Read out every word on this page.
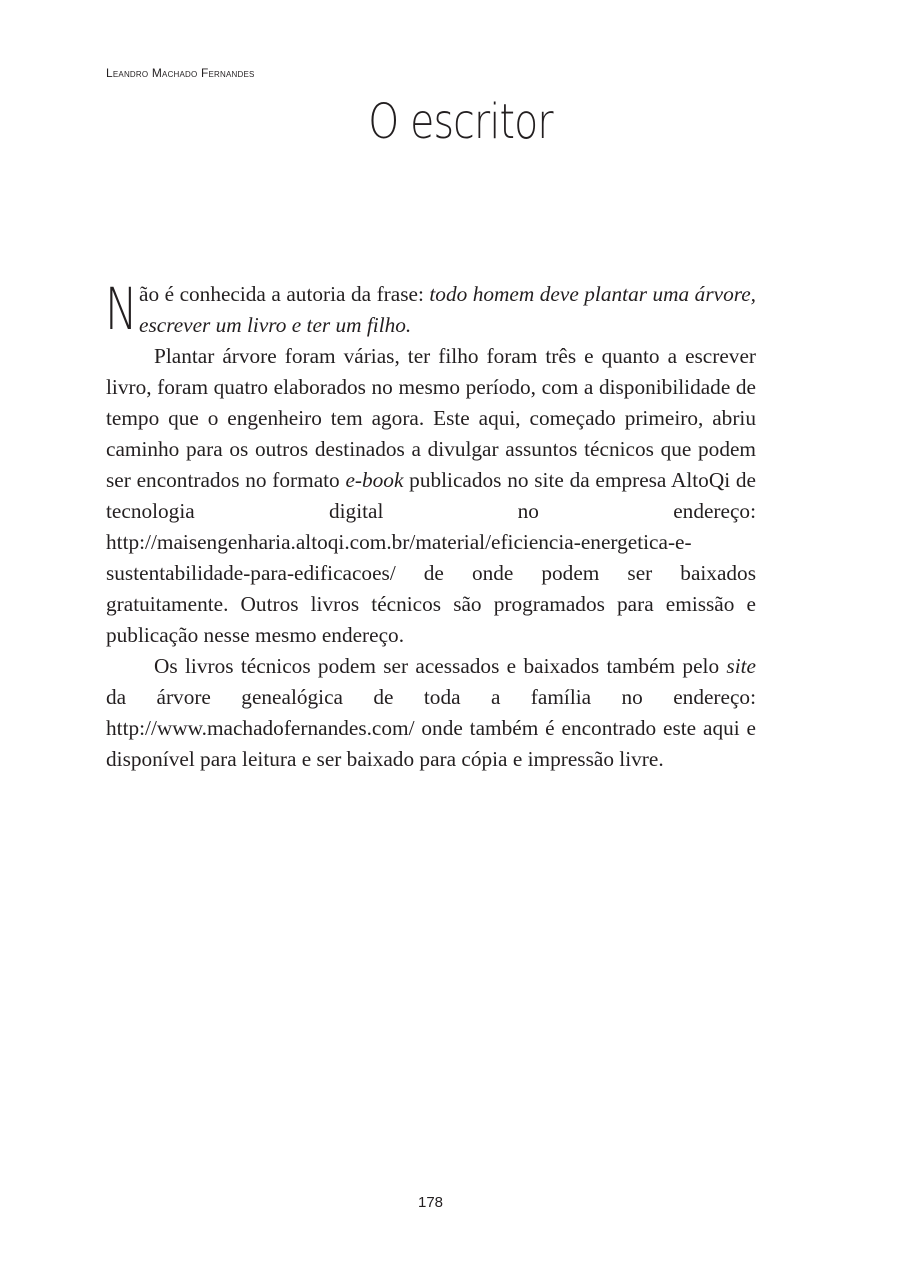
Leandro Machado Fernandes
O escritor

Não é conhecida a autoria da frase: todo homem deve plantar uma árvore, escrever um livro e ter um filho.

Plantar árvore foram várias, ter filho foram três e quanto a escrever livro, foram quatro elaborados no mesmo período, com a disponibilidade de tempo que o engenheiro tem agora. Este aqui, começado primeiro, abriu caminho para os outros destinados a divulgar assuntos técnicos que podem ser encontrados no formato e-book publicados no site da empresa AltoQi de tecnologia digital no endereço: http://maisengenharia.altoqi.com.br/material/eficiencia-energetica-e-sustentabilidade-para-edificacoes/ de onde podem ser baixados gratuitamente. Outros livros técnicos são programados para emissão e publicação nesse mesmo endereço.

Os livros técnicos podem ser acessados e baixados também pelo site da árvore genealógica de toda a família no endereço: http://www.machadofernandes.com/ onde também é encontrado este aqui e disponível para leitura e ser baixado para cópia e impressão livre.

178
